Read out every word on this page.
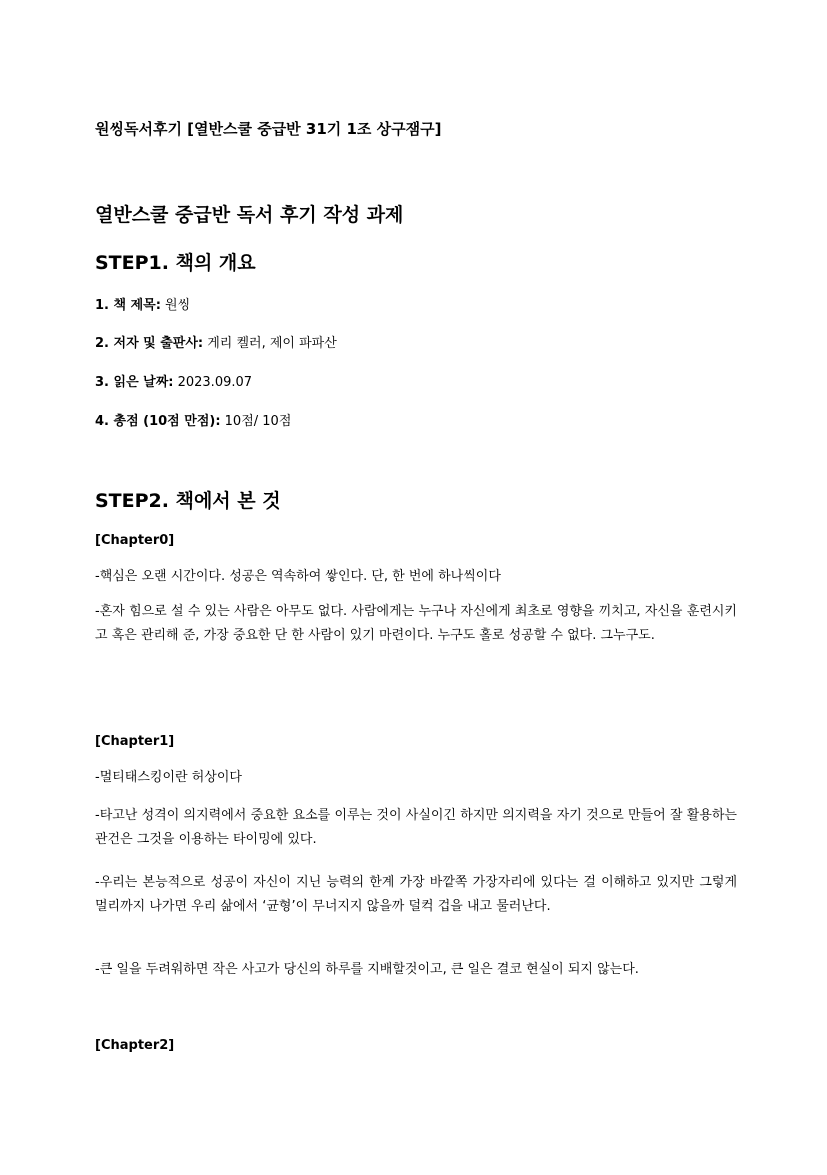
원씽독서후기 [열반스쿨 중급반 31기 1조 상구잼구]
열반스쿨 중급반 독서 후기 작성 과제
STEP1. 책의 개요
1. 책 제목: 원씽
2. 저자 및 출판사: 게리 켈러, 제이 파파산
3. 읽은 날짜: 2023.09.07
4. 총점 (10점 만점): 10점/ 10점
STEP2. 책에서 본 것
[Chapter0]
-핵심은 오랜 시간이다. 성공은 역속하여 쌓인다. 단, 한 번에 하나씩이다
-혼자 힘으로 설 수 있는 사람은 아무도 없다. 사람에게는 누구나 자신에게 최초로 영향을 끼치고, 자신을 훈련시키고 혹은 관리해 준, 가장 중요한 단 한 사람이 있기 마련이다. 누구도 홀로 성공할 수 없다. 그누구도.
[Chapter1]
-멀티태스킹이란 허상이다
-타고난 성격이 의지력에서 중요한 요소를 이루는 것이 사실이긴 하지만 의지력을 자기 것으로 만들어 잘 활용하는 관건은 그것을 이용하는 타이밍에 있다.
-우리는 본능적으로 성공이 자신이 지닌 능력의 한계 가장 바깥쪽 가장자리에 있다는 걸 이해하고 있지만 그렇게 멀리까지 나가면 우리 삶에서 ‘균형’이 무너지지 않을까 덜컥 겁을 내고 물러난다.
-큰 일을 두려워하면 작은 사고가 당신의 하루를 지배할것이고, 큰 일은 결코 현실이 되지 않는다.
[Chapter2]
